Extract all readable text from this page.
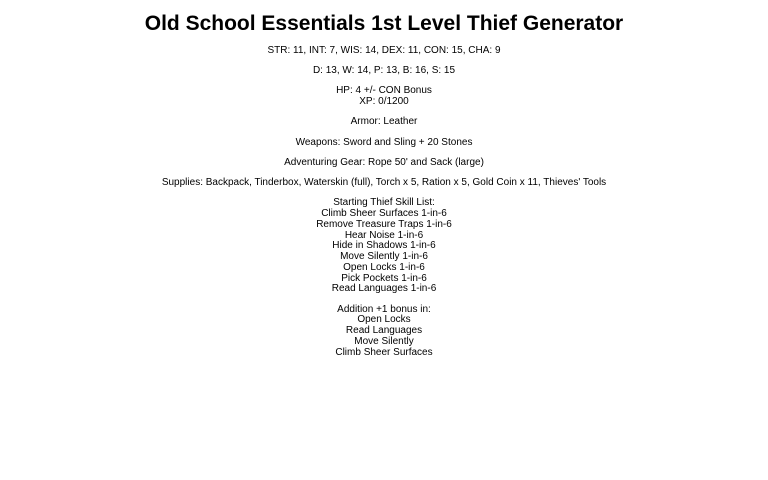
Old School Essentials 1st Level Thief Generator

STR: 11, INT: 7, WIS: 14, DEX: 11, CON: 15, CHA: 9

D: 13, W: 14, P: 13, B: 16, S: 15

HP: 4 +/- CON Bonus

XP: 0/1200

Armor: Leather

Weapons: Sword and Sling + 20 Stones

Adventuring Gear: Rope 50' and Sack (large)

Supplies: Backpack, Tinderbox, Waterskin (full), Torch x 5, Ration x 5, Gold Coin x 11, Thieves' Tools

Starting Thief Skill List:

Climb Sheer Surfaces 1-in-6

Remove Treasure Traps 1-in-6

Hear Noise 1-in-6

Hide in Shadows 1-in-6

Move Silently 1-in-6

Open Locks 1-in-6

Pick Pockets 1-in-6

Read Languages 1-in-6

Addition +1 bonus in:

Open Locks

Read Languages

Move Silently

Climb Sheer Surfaces
